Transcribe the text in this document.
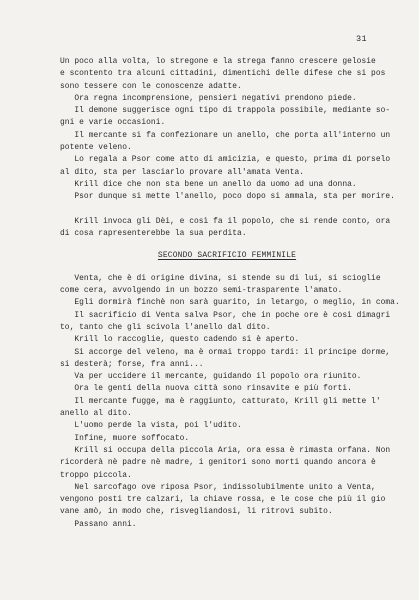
31
Un poco alla volta, lo stregone e la strega fanno crescere gelosie
e scontento tra alcuni cittadini, dimentichi delle difese che si pos
sono tessere con le conoscenze adatte.
Ora regna incomprensione, pensieri negativi prendono piede.
Il demone suggerisce ogni tipo di trappola possibile, mediante so-
gni e varie occasioni.
Il mercante si fa confezionare un anello, che porta all'interno un
potente veleno.
Lo regala a Psor come atto di amicizia, e questo, prima di porselo
al dito, sta per lasciarlo provare all'amata Venta.
Krill dice che non sta bene un anello da uomo ad una donna.
Psor dunque si mette l'anello, poco dopo si ammala, sta per morire.
Krill invoca gli Dèi, e così fa il popolo, che si rende conto, ora
di cosa rapresenterebbe la sua perdita.
SECONDO SACRIFICIO FEMMINILE
Venta, che è di origine divina, si stende su di lui, si scioglie
come cera, avvolgendo in un bozzo semi-trasparente l'amato.
Egli dormirà finchè non sarà guarito, in letargo, o meglio, in coma.
Il sacrificio di Venta salva Psor, che in poche ore è così dimagri
to, tanto che gli scivola l'anello dal dito.
Krill lo raccoglie, questo cadendo si è aperto.
Si accorge del veleno, ma è ormai troppo tardi: il principe dorme,
si desterà; forse, fra anni...
Va per uccidere il mercante, guidando il popolo ora riunito.
Ora le genti della nuova città sono rinsavite e più forti.
Il mercante fugge, ma è raggiunto, catturato, Krill gli mette l'
anello al dito.
L'uomo perde la vista, poi l'udito.
Infine, muore soffocato.
Krill si occupa della piccola Aria, ora essa è rimasta orfana. Non
ricorderà nè padre nè madre, i genitori sono morti quando ancora è
troppo piccola.
Nel sarcofago ove riposa Psor, indissolubilmente unito a Venta,
vengono posti tre calzari, la chiave rossa, e le cose che più il gio
vane amò, in modo che, risvegliandosi, li ritrovi subito.
Passano anni.
